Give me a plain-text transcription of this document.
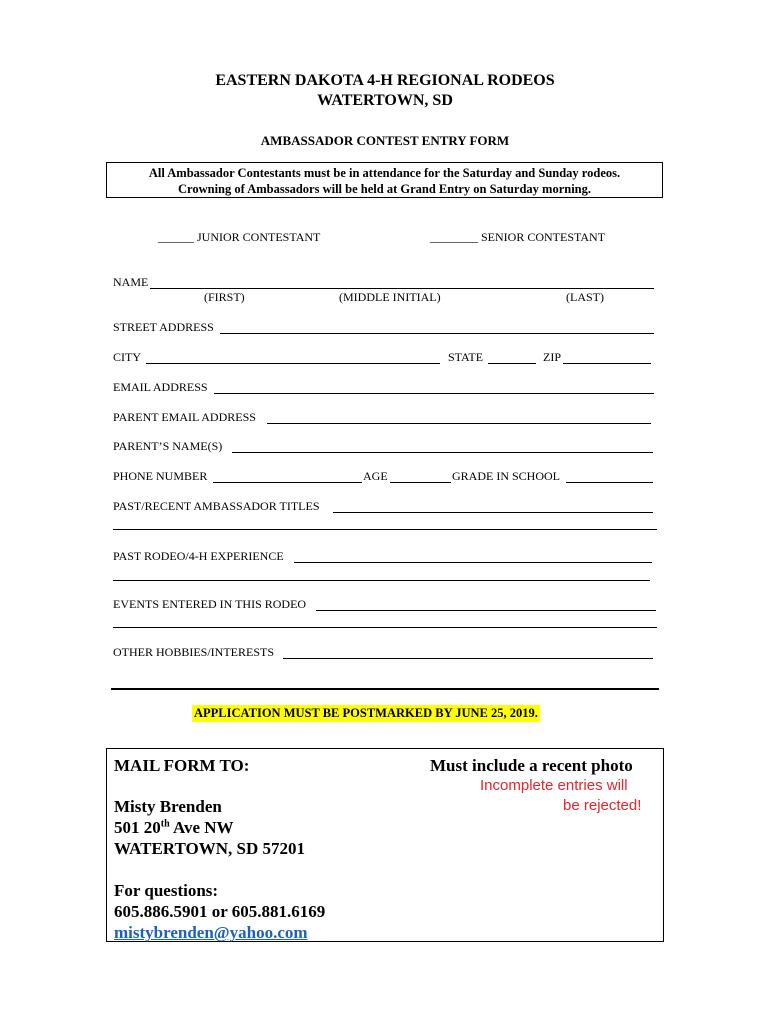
EASTERN DAKOTA 4-H REGIONAL RODEOS
WATERTOWN, SD
AMBASSADOR CONTEST ENTRY FORM
All Ambassador Contestants must be in attendance for the Saturday and Sunday rodeos.
Crowning of Ambassadors will be held at Grand Entry on Saturday morning.
______ JUNIOR CONTESTANT	________ SENIOR CONTESTANT
NAME
(FIRST)	(MIDDLE INITIAL)	(LAST)
STREET ADDRESS
CITY	STATE	ZIP
EMAIL ADDRESS
PARENT EMAIL ADDRESS
PARENT’S NAME(S)
PHONE NUMBER	AGE	GRADE IN SCHOOL
PAST/RECENT AMBASSADOR TITLES
PAST RODEO/4-H EXPERIENCE
EVENTS ENTERED IN THIS RODEO
OTHER HOBBIES/INTERESTS
APPLICATION MUST BE POSTMARKED BY JUNE 25, 2019.
MAIL FORM TO:
Misty Brenden
501 20th Ave NW
WATERTOWN, SD 57201
For questions:
605.886.5901 or 605.881.6169
mistybrenden@yahoo.com
Must include a recent photo
Incomplete entries will
be rejected!
